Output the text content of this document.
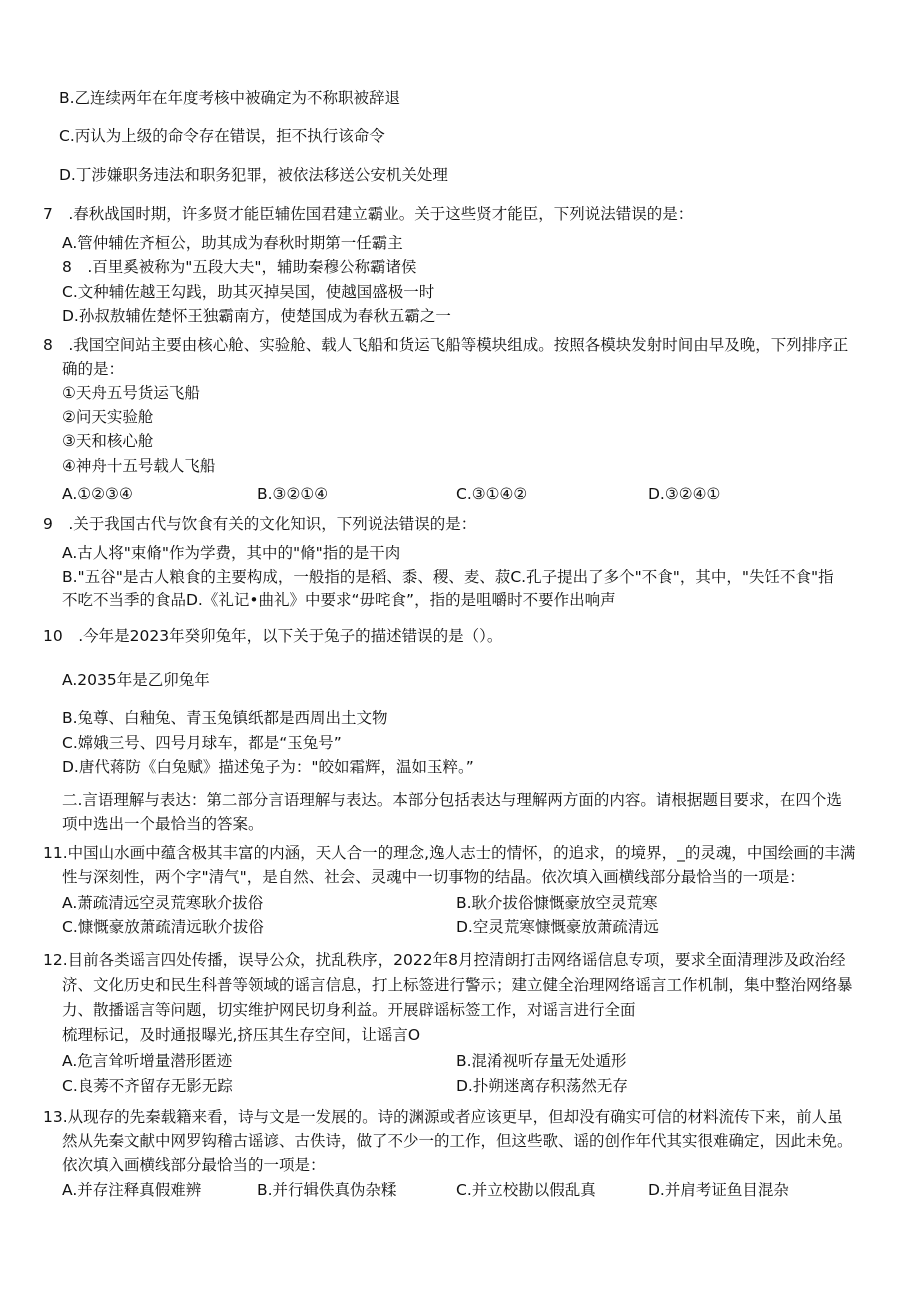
B.乙连续两年在年度考核中被确定为不称职被辞退
C.丙认为上级的命令存在错误，拒不执行该命令
D.丁涉嫌职务违法和职务犯罪，被依法移送公安机关处理
7　.春秋战国时期，许多贤才能臣辅佐国君建立霸业。关于这些贤才能臣，下列说法错误的是：
A.管仲辅佐齐桓公，助其成为春秋时期第一任霸主
8　.百里奚被称为"五段大夫"，辅助秦穆公称霸诸侯
C.文种辅佐越王勾践，助其灭掉吴国，使越国盛极一时
D.孙叔敖辅佐楚怀王独霸南方，使楚国成为春秋五霸之一
8　.我国空间站主要由核心舱、实验舱、载人飞船和货运飞船等模块组成。按照各模块发射时间由早及晚，下列排序正
确的是：
①天舟五号货运飞船
②问天实验舱
③天和核心舱
④神舟十五号载人飞船
A.①②③④	B.③②①④	C.③①④②	D.③②④①
9　.关于我国古代与饮食有关的文化知识，下列说法错误的是：
A.古人将"束脩"作为学费，其中的"脩"指的是干肉
B."五谷"是古人粮食的主要构成，一般指的是稻、黍、稷、麦、菽C.孔子提出了多个"不食"，其中，"失饪不食"指
不吃不当季的食品D.《礼记•曲礼》中要求“毋咤食”，指的是咀嚼时不要作出响声
10　.今年是2023年癸卯兔年，以下关于兔子的描述错误的是（）。
A.2035年是乙卯兔年
B.兔尊、白釉兔、青玉兔镇纸都是西周出土文物
C.嫦娥三号、四号月球车，都是“玉兔号”
D.唐代蒋防《白兔赋》描述兔子为："皎如霜辉，温如玉粹。”
二.言语理解与表达：第二部分言语理解与表达。本部分包括表达与理解两方面的内容。请根据题目要求，在四个选
项中选出一个最恰当的答案。
11.中国山水画中蕴含极其丰富的内涵，天人合一的理念,逸人志士的情怀，的追求，的境界，_的灵魂，中国绘画的丰满
性与深刻性，两个字"清气"，是自然、社会、灵魂中一切事物的结晶。依次填入画横线部分最恰当的一项是：
A.萧疏清远空灵荒寒耿介拔俗	B.耿介拔俗慷慨豪放空灵荒寒
C.慷慨豪放萧疏清远耿介拔俗	D.空灵荒寒慷慨豪放萧疏清远
12.目前各类谣言四处传播，误导公众，扰乱秩序，2022年8月控清朗打击网络谣信息专项，要求全面清理涉及政治经
济、文化历史和民生科普等领域的谣言信息，打上标签进行警示；建立健全治理网络谣言工作机制，集中整治网络暴
力、散播谣言等问题，切实维护网民切身利益。开展辟谣标签工作，对谣言进行全面
梳理标记，及时通报曝光,挤压其生存空间，让谣言O
A.危言耸听增量潜形匿迹	B.混淆视听存量无处遁形
C.良莠不齐留存无影无踪	D.扑朔迷离存积荡然无存
13.从现存的先秦载籍来看，诗与文是一发展的。诗的渊源或者应该更早，但却没有确实可信的材料流传下来，前人虽
然从先秦文献中网罗钩稽古谣谚、古佚诗，做了不少一的工作，但这些歌、谣的创作年代其实很难确定，因此未免。
依次填入画横线部分最恰当的一项是：
A.并存注释真假难辨	B.并行辑佚真伪杂糅	C.并立校勘以假乱真	D.并肩考证鱼目混杂
